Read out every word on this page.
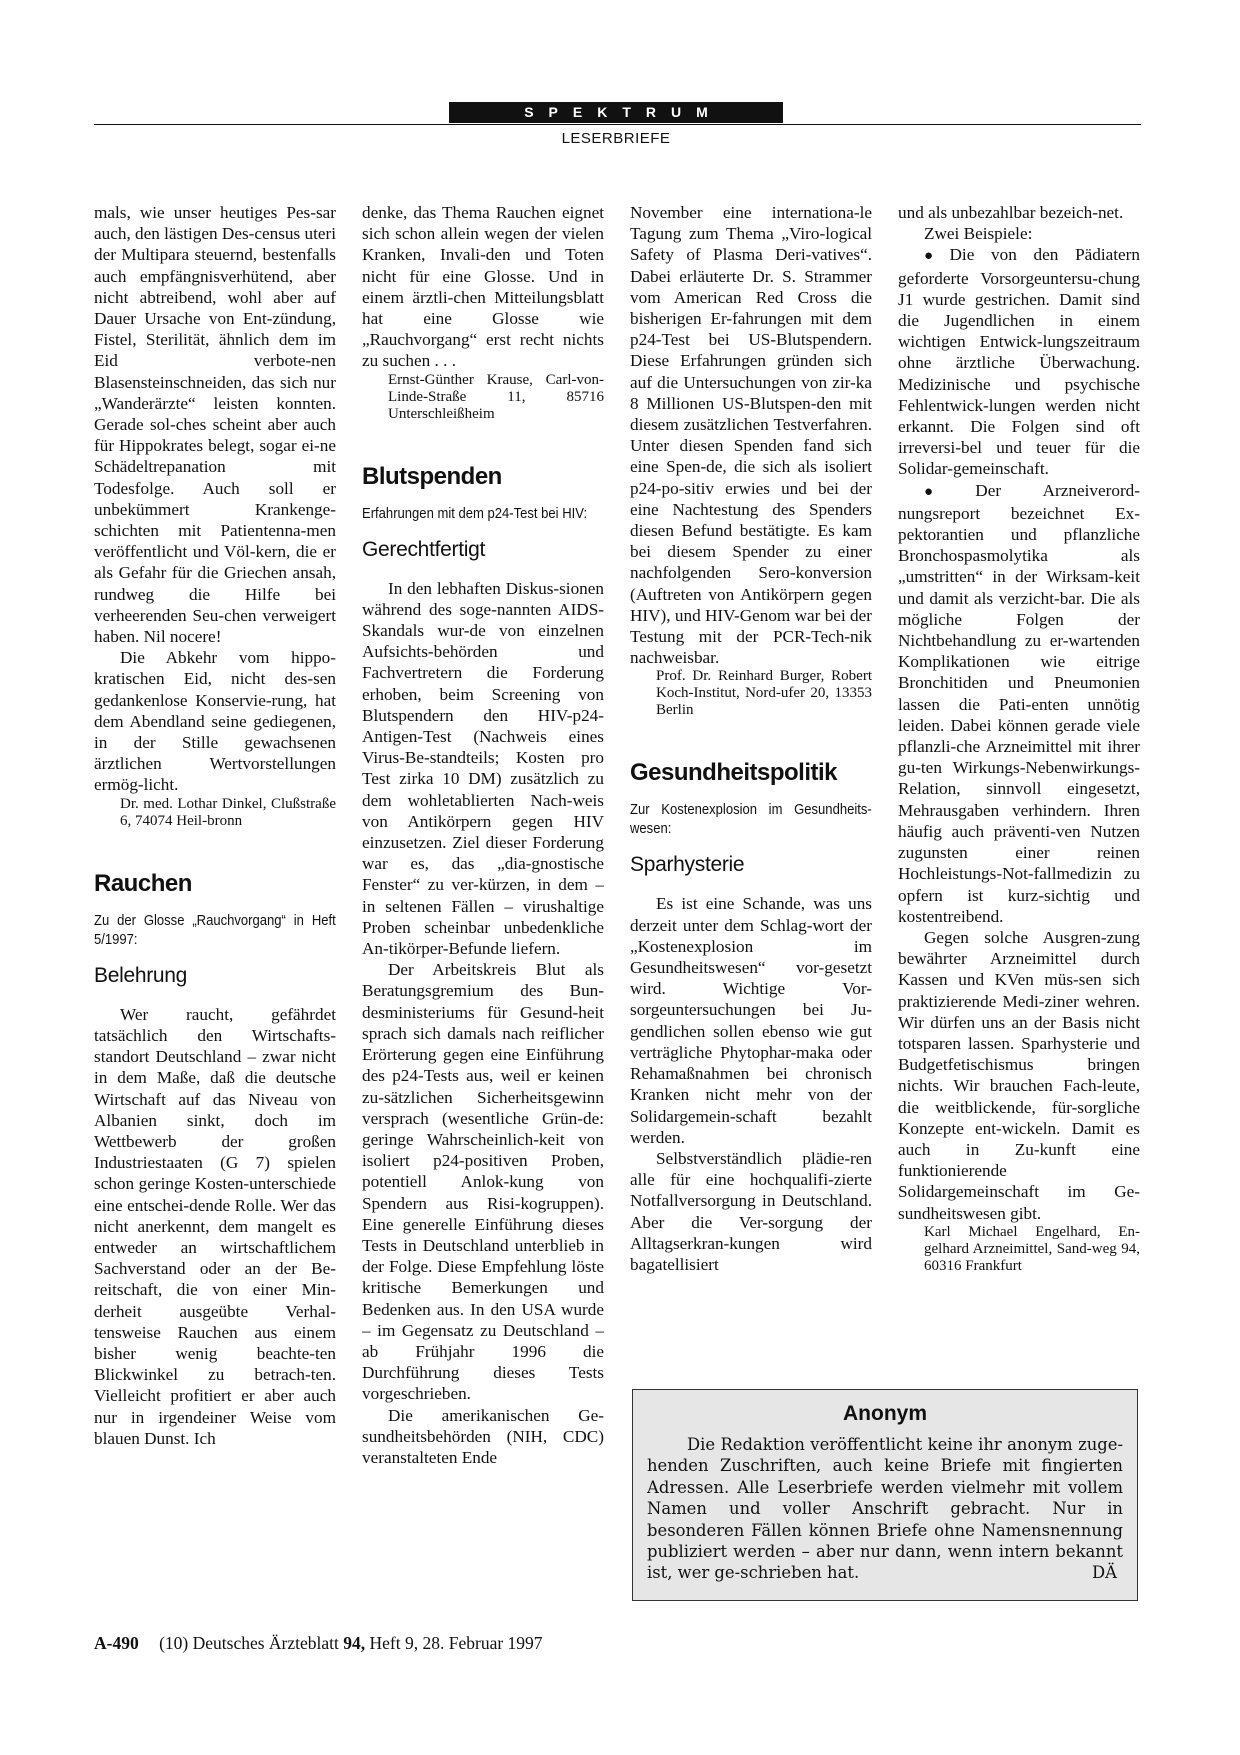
SPEKTRUM
LESERBRIEFE

mals, wie unser heutiges Pes-sar auch, den lästigen Des-census uteri der Multipara steuernd, bestenfalls auch empfängnisverhütend, aber nicht abtreibend, wohl aber auf Dauer Ursache von Ent-zündung, Fistel, Sterilität, ähnlich dem im Eid verbote-nen Blasensteinschneiden, das sich nur „Wanderärzte“ leisten konnten. Gerade sol-ches scheint aber auch für Hippokrates belegt, sogar ei-ne Schädeltrepanation mit Todesfolge. Auch soll er unbekümmert Krankenge-schichten mit Patientenna-men veröffentlicht und Völ-kern, die er als Gefahr für die Griechen ansah, rundweg die Hilfe bei verheerenden Seu-chen verweigert haben. Nil nocere!

Die Abkehr vom hippo-kratischen Eid, nicht des-sen gedankenlose Konservie-rung, hat dem Abendland seine gediegenen, in der Stille gewachsenen ärztlichen Wertvorstellungen ermög-licht.

Dr. med. Lothar Dinkel, Clußstraße 6, 74074 Heil-bronn

Rauchen

Zu der Glosse „Rauchvorgang“ in Heft 5/1997:

Belehrung

Wer raucht, gefährdet tatsächlich den Wirtschafts-standort Deutschland – zwar nicht in dem Maße, daß die deutsche Wirtschaft auf das Niveau von Albanien sinkt, doch im Wettbewerb der großen Industriestaaten (G 7) spielen schon geringe Kosten-unterschiede eine entschei-dende Rolle. Wer das nicht anerkennt, dem mangelt es entweder an wirtschaftlichem Sachverstand oder an der Be-reitschaft, die von einer Min-derheit ausgeübte Verhal-tensweise Rauchen aus einem bisher wenig beachte-ten Blickwinkel zu betrach-ten. Vielleicht profitiert er aber auch nur in irgendeiner Weise vom blauen Dunst. Ich

denke, das Thema Rauchen eignet sich schon allein wegen der vielen Kranken, Invali-den und Toten nicht für eine Glosse. Und in einem ärztli-chen Mitteilungsblatt hat eine Glosse wie „Rauchvorgang“ erst recht nichts zu suchen . . .

Ernst-Günther Krause, Carl-von-Linde-Straße 11, 85716 Unterschleißheim

Blutspenden

Erfahrungen mit dem p24-Test bei HIV:

Gerechtfertigt

In den lebhaften Diskus-sionen während des soge-nannten AIDS-Skandals wur-de von einzelnen Aufsichts-behörden und Fachvertretern die Forderung erhoben, beim Screening von Blutspendern den HIV-p24-Antigen-Test (Nachweis eines Virus-Be-standteils; Kosten pro Test zirka 10 DM) zusätzlich zu dem wohletablierten Nach-weis von Antikörpern gegen HIV einzusetzen. Ziel dieser Forderung war es, das „dia-gnostische Fenster“ zu ver-kürzen, in dem – in seltenen Fällen – virushaltige Proben scheinbar unbedenkliche An-tikörper-Befunde liefern.

Der Arbeitskreis Blut als Beratungsgremium des Bun-desministeriums für Gesund-heit sprach sich damals nach reiflicher Erörterung gegen eine Einführung des p24-Tests aus, weil er keinen zu-sätzlichen Sicherheitsgewinn versprach (wesentliche Grün-de: geringe Wahrscheinlich-keit von isoliert p24-positiven Proben, potentiell Anlok-kung von Spendern aus Risi-kogruppen). Eine generelle Einführung dieses Tests in Deutschland unterblieb in der Folge. Diese Empfehlung löste kritische Bemerkungen und Bedenken aus. In den USA wurde – im Gegensatz zu Deutschland – ab Frühjahr 1996 die Durchführung dieses Tests vorgeschrieben.

Die amerikanischen Ge-sundheitsbehörden (NIH, CDC) veranstalteten Ende

November eine internationa-le Tagung zum Thema „Viro-logical Safety of Plasma Deri-vatives“. Dabei erläuterte Dr. S. Strammer vom American Red Cross die bisherigen Er-fahrungen mit dem p24-Test bei US-Blutspendern. Diese Erfahrungen gründen sich auf die Untersuchungen von zir-ka 8 Millionen US-Blutspen-den mit diesem zusätzlichen Testverfahren. Unter diesen Spenden fand sich eine Spen-de, die sich als isoliert p24-po-sitiv erwies und bei der eine Nachtestung des Spenders diesen Befund bestätigte. Es kam bei diesem Spender zu einer nachfolgenden Sero-konversion (Auftreten von Antikörpern gegen HIV), und HIV-Genom war bei der Testung mit der PCR-Tech-nik nachweisbar.

Prof. Dr. Reinhard Burger, Robert Koch-Institut, Nord-ufer 20, 13353 Berlin

Gesundheitspolitik

Zur Kostenexplosion im Gesundheits-wesen:

Sparhysterie

Es ist eine Schande, was uns derzeit unter dem Schlag-wort der „Kostenexplosion im Gesundheitswesen“ vor-gesetzt wird. Wichtige Vor-sorgeuntersuchungen bei Ju-gendlichen sollen ebenso wie gut verträgliche Phytophar-maka oder Rehamaßnahmen bei chronisch Kranken nicht mehr von der Solidargemein-schaft bezahlt werden.

Selbstverständlich plädie-ren alle für eine hochqualifi-zierte Notfallversorgung in Deutschland. Aber die Ver-sorgung der Alltagserkran-kungen wird bagatellisiert

und als unbezahlbar bezeich-net.

Zwei Beispiele:

● Die von den Pädiatern geforderte Vorsorgeuntersu-chung J1 wurde gestrichen. Damit sind die Jugendlichen in einem wichtigen Entwick-lungszeitraum ohne ärztliche Überwachung. Medizinische und psychische Fehlentwick-lungen werden nicht erkannt. Die Folgen sind oft irreversi-bel und teuer für die Solidar-gemeinschaft.

● Der Arzneiverord-nungsreport bezeichnet Ex-pektorantien und pflanzliche Bronchospasmolytika als „umstritten“ in der Wirksam-keit und damit als verzicht-bar. Die als mögliche Folgen der Nichtbehandlung zu er-wartenden Komplikationen wie eitrige Bronchitiden und Pneumonien lassen die Pati-enten unnötig leiden. Dabei können gerade viele pflanzli-che Arzneimittel mit ihrer gu-ten Wirkungs-Nebenwirkungs-Relation, sinnvoll eingesetzt, Mehrausgaben verhindern. Ihren häufig auch präventi-ven Nutzen zugunsten einer reinen Hochleistungs-Not-fallmedizin zu opfern ist kurz-sichtig und kostentreibend.

Gegen solche Ausgren-zung bewährter Arzneimittel durch Kassen und KVen müs-sen sich praktizierende Medi-ziner wehren. Wir dürfen uns an der Basis nicht totsparen lassen. Sparhysterie und Budgetfetischismus bringen nichts. Wir brauchen Fach-leute, die weitblickende, für-sorgliche Konzepte ent-wickeln. Damit es auch in Zu-kunft eine funktionierende Solidargemeinschaft im Ge-sundheitswesen gibt.

Karl Michael Engelhard, En-gelhard Arzneimittel, Sand-weg 94, 60316 Frankfurt

Anonym

Die Redaktion veröffentlicht keine ihr anonym zuge-henden Zuschriften, auch keine Briefe mit fingierten Adressen. Alle Leserbriefe werden vielmehr mit vollem Namen und voller Anschrift gebracht. Nur in besonderen Fällen können Briefe ohne Namensnennung publiziert werden – aber nur dann, wenn intern bekannt ist, wer ge-schrieben hat.	DÄ

A-490 (10) Deutsches Ärzteblatt 94, Heft 9, 28. Februar 1997
